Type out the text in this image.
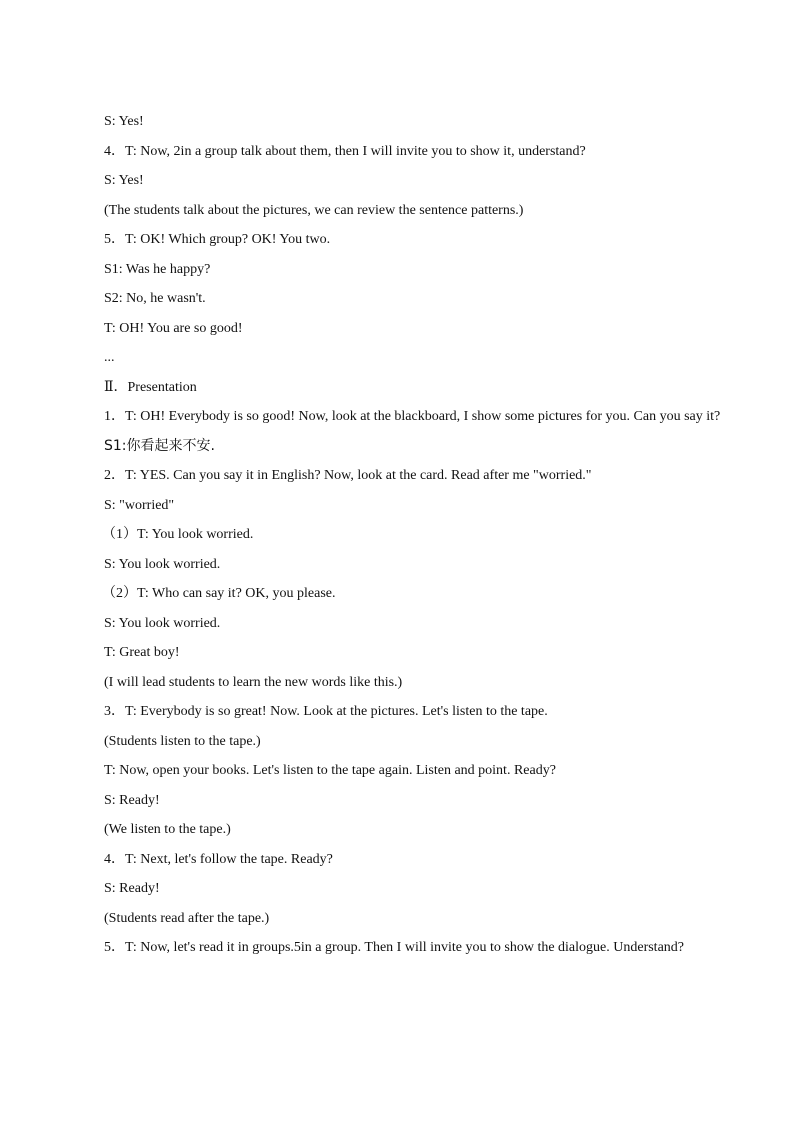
S: Yes!
4．T: Now, 2in a group talk about them, then I will invite you to show it, understand?
S: Yes!
(The students talk about the pictures, we can review the sentence patterns.)
5．T: OK! Which group? OK! You two.
S1: Was he happy?
S2: No, he wasn't.
T: OH! You are so good!
...
Ⅱ．Presentation
1．T: OH! Everybody is so good! Now, look at the blackboard, I show some pictures for you. Can you say it?
S1:你看起来不安.
2．T: YES. Can you say it in English? Now, look at the card. Read after me "worried."
S: "worried"
（1）T: You look worried.
S: You look worried.
（2）T: Who can say it? OK, you please.
S: You look worried.
T: Great boy!
(I will lead students to learn the new words like this.)
3．T: Everybody is so great! Now. Look at the pictures. Let's listen to the tape.
(Students listen to the tape.)
T: Now, open your books. Let's listen to the tape again. Listen and point. Ready?
S: Ready!
(We listen to the tape.)
4．T: Next, let's follow the tape. Ready?
S: Ready!
(Students read after the tape.)
5．T: Now, let's read it in groups.5in a group. Then I will invite you to show the dialogue. Understand?
